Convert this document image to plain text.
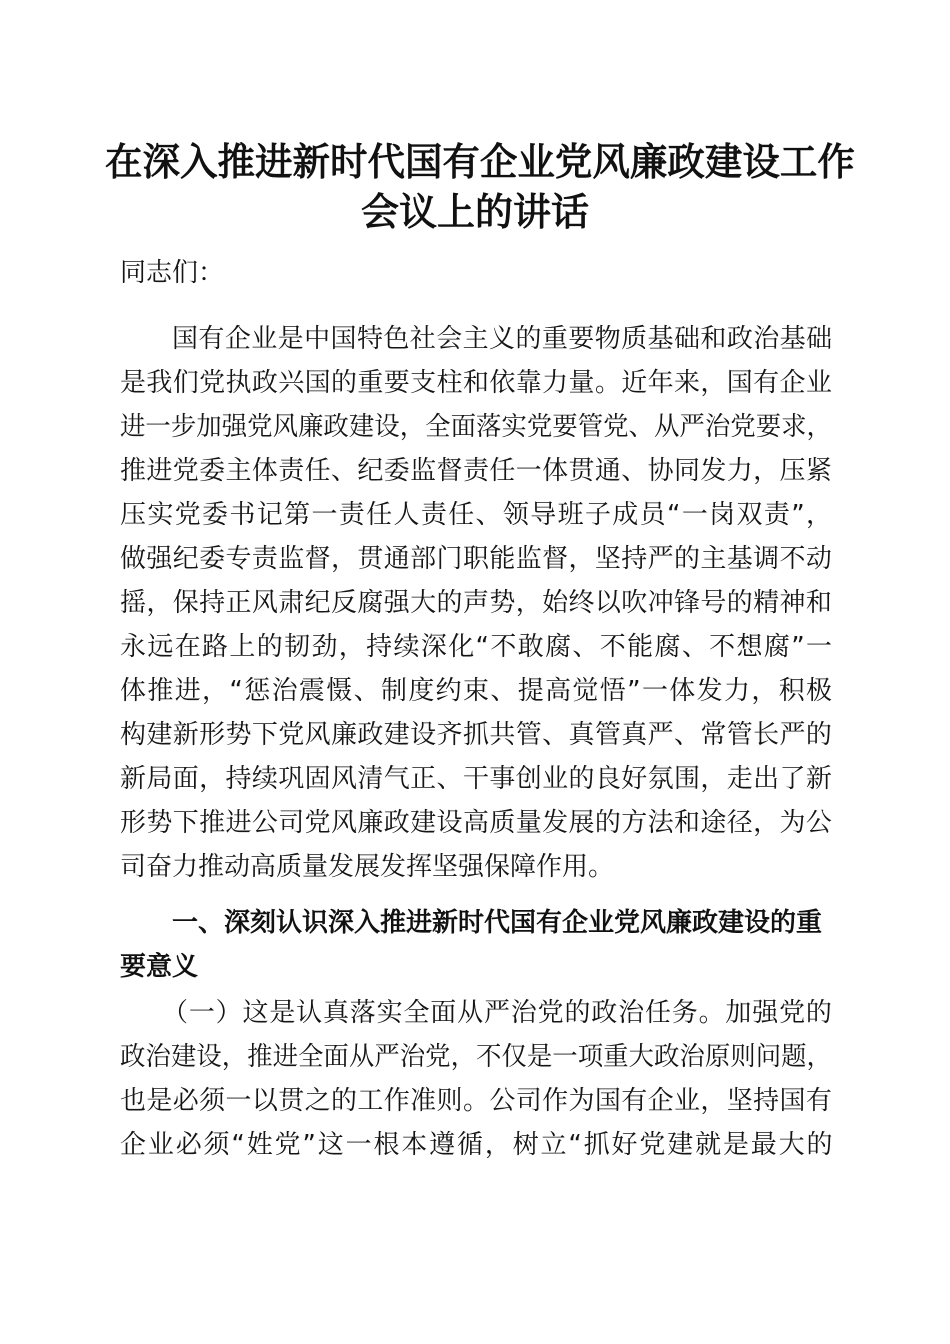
在深入推进新时代国有企业党风廉政建设工作
会议上的讲话
同志们：
国有企业是中国特色社会主义的重要物质基础和政治基础
是我们党执政兴国的重要支柱和依靠力量。近年来，国有企业
进一步加强党风廉政建设，全面落实党要管党、从严治党要求，
推进党委主体责任、纪委监督责任一体贯通、协同发力，压紧
压实党委书记第一责任人责任、领导班子成员“一岗双责”，
做强纪委专责监督，贯通部门职能监督，坚持严的主基调不动
摇，保持正风肃纪反腐强大的声势，始终以吹冲锋号的精神和
永远在路上的韧劲，持续深化“不敢腐、不能腐、不想腐”一
体推进，“惩治震慑、制度约束、提高觉悟”一体发力，积极
构建新形势下党风廉政建设齐抓共管、真管真严、常管长严的
新局面，持续巩固风清气正、干事创业的良好氛围，走出了新
形势下推进公司党风廉政建设高质量发展的方法和途径，为公
司奋力推动高质量发展发挥坚强保障作用。
一、深刻认识深入推进新时代国有企业党风廉政建设的重
要意义
（一）这是认真落实全面从严治党的政治任务。加强党的
政治建设，推进全面从严治党，不仅是一项重大政治原则问题，
也是必须一以贯之的工作准则。公司作为国有企业，坚持国有
企业必须“姓党”这一根本遵循，树立“抓好党建就是最大的
